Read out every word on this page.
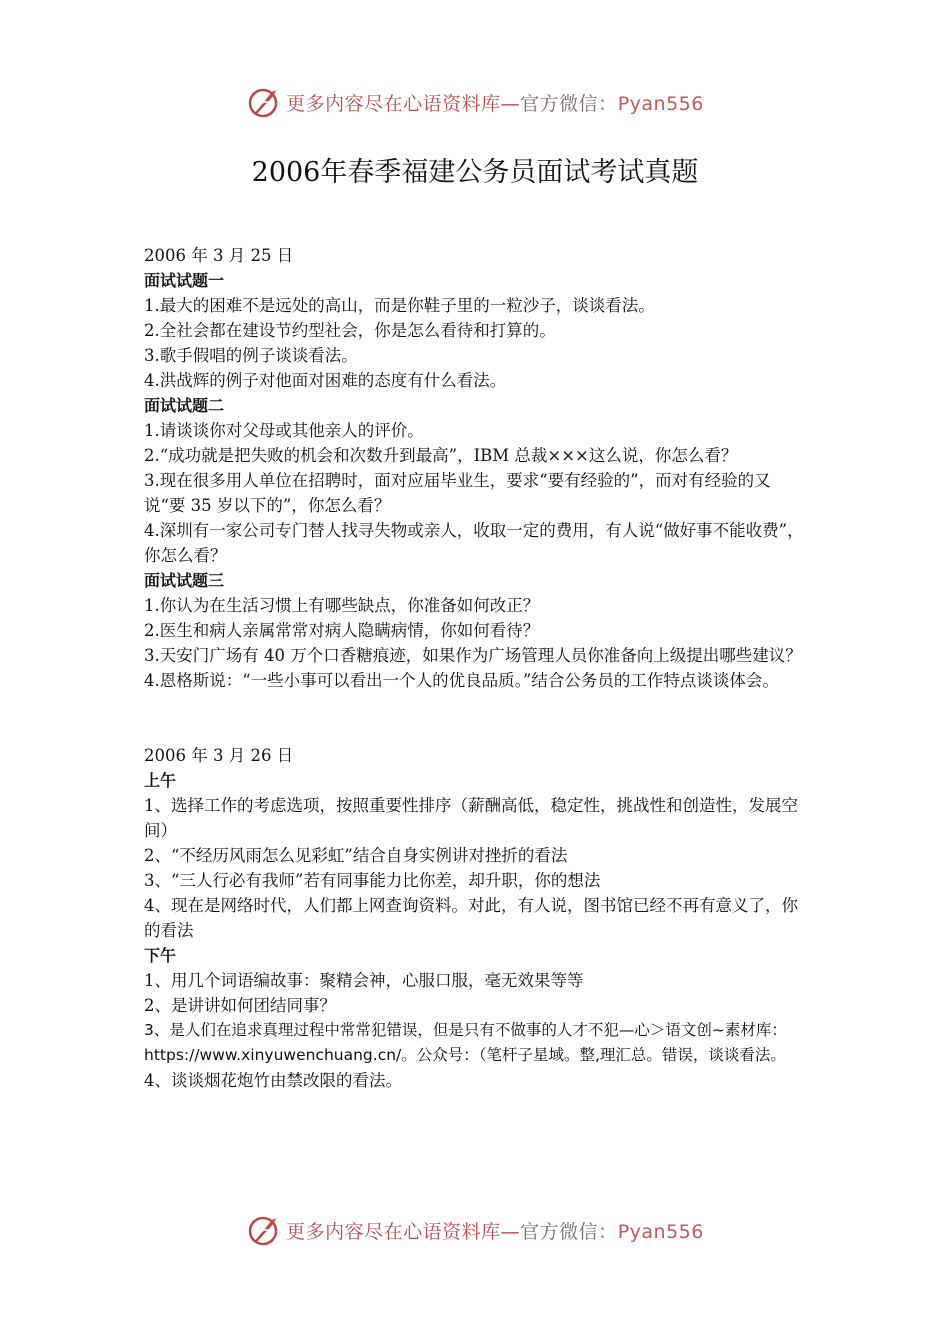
更多内容尽在心语资料库—官方微信：Pyan556
2006年春季福建公务员面试考试真题

2006 年 3 月 25 日

面试试题一

1.最大的困难不是远处的高山，而是你鞋子里的一粒沙子，谈谈看法。

2.全社会都在建设节约型社会，你是怎么看待和打算的。

3.歌手假唱的例子谈谈看法。

4.洪战辉的例子对他面对困难的态度有什么看法。

面试试题二

1.请谈谈你对父母或其他亲人的评价。

2.“成功就是把失败的机会和次数升到最高”，IBM 总裁×××这么说，你怎么看？

3.现在很多用人单位在招聘时，面对应届毕业生，要求“要有经验的”，而对有经验的又说“要 35 岁以下的”，你怎么看？

4.深圳有一家公司专门替人找寻失物或亲人，收取一定的费用，有人说“做好事不能收费”，你怎么看？

面试试题三

1.你认为在生活习惯上有哪些缺点，你准备如何改正？

2.医生和病人亲属常常对病人隐瞒病情，你如何看待？

3.天安门广场有 40 万个口香糖痕迹，如果作为广场管理人员你准备向上级提出哪些建议？

4.恩格斯说：“一些小事可以看出一个人的优良品质。”结合公务员的工作特点谈谈体会。

2006 年 3 月 26 日

上午

1、选择工作的考虑选项，按照重要性排序（薪酬高低，稳定性，挑战性和创造性，发展空间）

2、“不经历风雨怎么见彩虹”结合自身实例讲对挫折的看法

3、“三人行必有我师”若有同事能力比你差，却升职，你的想法

4、现在是网络时代，人们都上网查询资料。对此，有人说，图书馆已经不再有意义了，你的看法

下午

1、用几个词语编故事：聚精会神，心服口服，毫无效果等等

2、是讲讲如何团结同事？

3、是人们在追求真理过程中常常犯错误，但是只有不做事的人才不犯—心＞语文创~素材库：https://www.xinyuwenchuang.cn/。公众号：（笔杆子星域。整,理汇总。错误，谈谈看法。

4、谈谈烟花炮竹由禁改限的看法。

更多内容尽在心语资料库—官方微信：Pyan556
